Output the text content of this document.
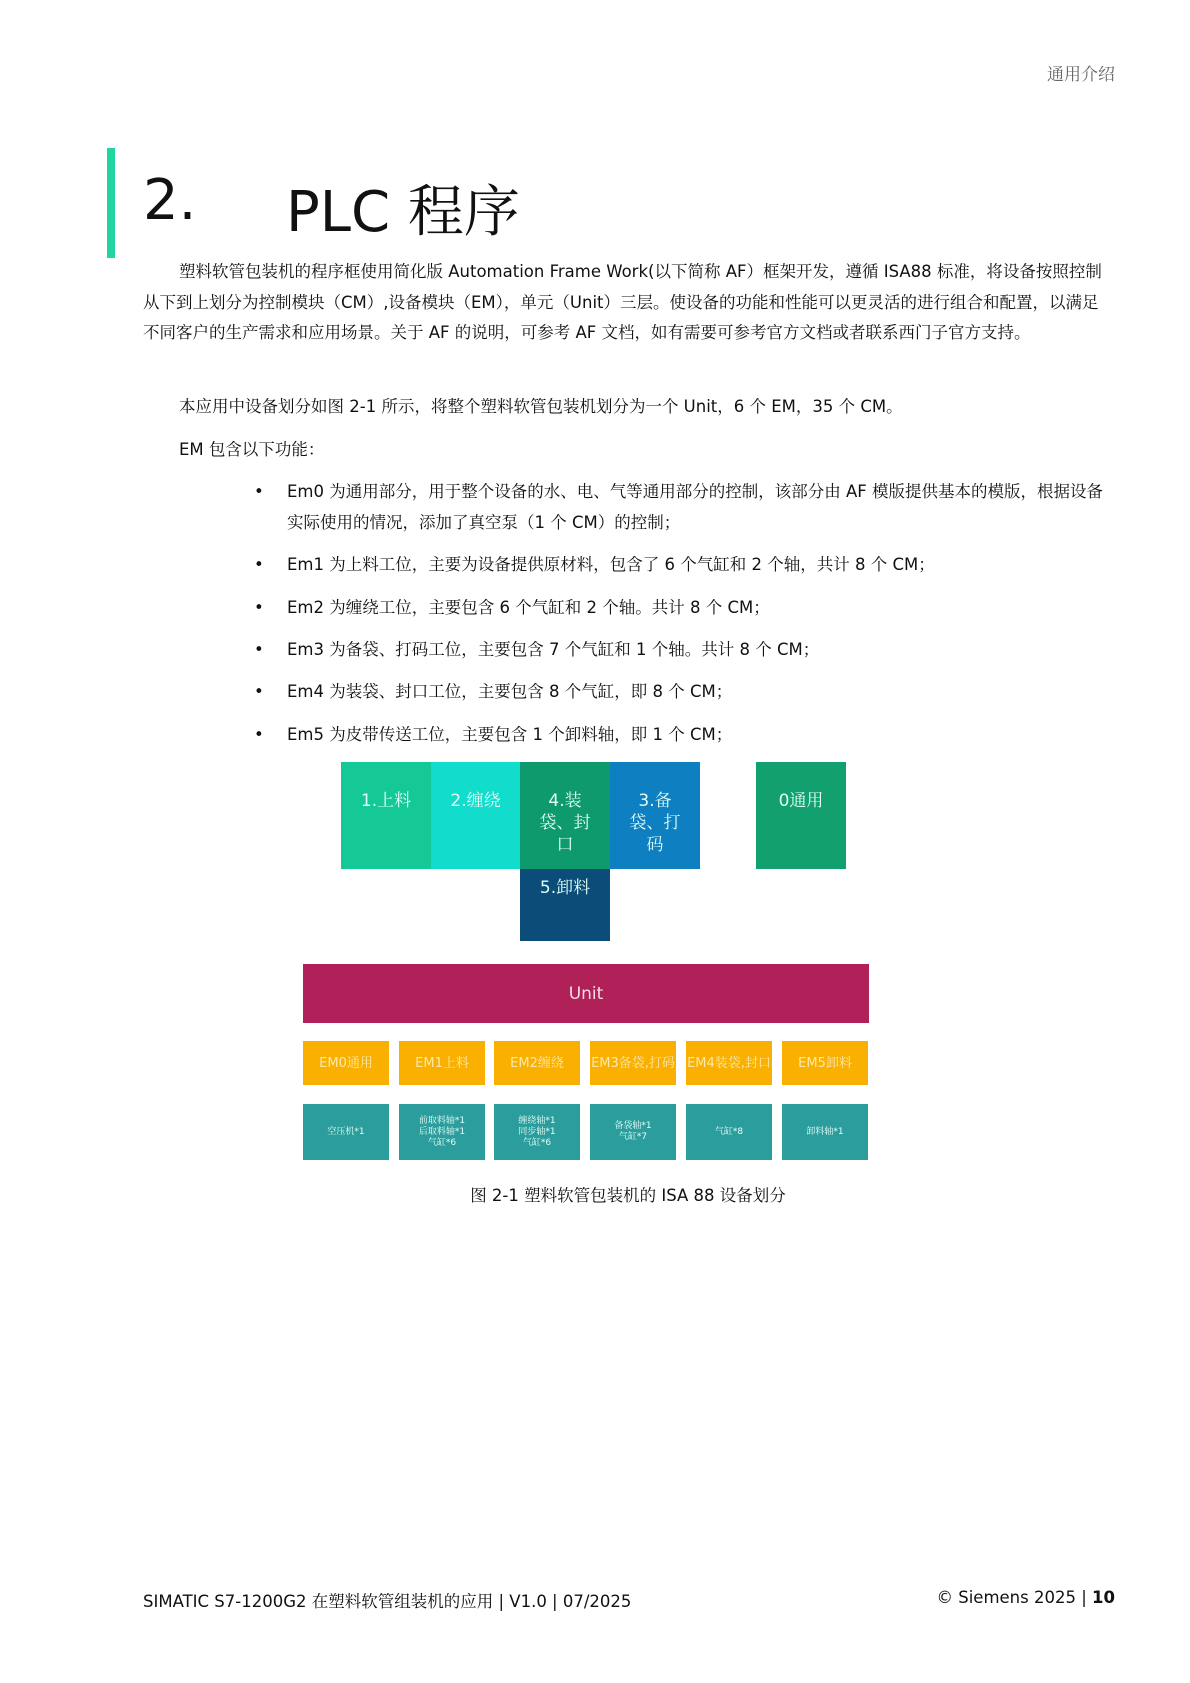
通用介绍
2. PLC 程序
塑料软管包装机的程序框使用简化版 Automation Frame Work(以下简称 AF）框架开发，遵循 ISA88 标准，将设备按照控制从下到上划分为控制模块（CM）,设备模块（EM），单元（Unit）三层。使设备的功能和性能可以更灵活的进行组合和配置，以满足不同客户的生产需求和应用场景。关于 AF 的说明，可参考 AF 文档，如有需要可参考官方文档或者联系西门子官方支持。
本应用中设备划分如图 2-1 所示，将整个塑料软管包装机划分为一个 Unit，6 个 EM，35 个 CM。
EM 包含以下功能：
• Em0 为通用部分，用于整个设备的水、电、气等通用部分的控制，该部分由 AF 模版提供基本的模版，根据设备实际使用的情况，添加了真空泵（1 个 CM）的控制；
• Em1 为上料工位，主要为设备提供原材料，包含了 6 个气缸和 2 个轴，共计 8 个 CM；
• Em2 为缠绕工位，主要包含 6 个气缸和 2 个轴。共计 8 个 CM；
• Em3 为备袋、打码工位，主要包含 7 个气缸和 1 个轴。共计 8 个 CM；
• Em4 为装袋、封口工位，主要包含 8 个气缸，即 8 个 CM；
• Em5 为皮带传送工位，主要包含 1 个卸料轴，即 1 个 CM；
1.上料	2.缠绕	4.装袋、封口
3.备袋、打码
0通用
5.卸料
Unit
EM0通用	EM1上料	EM2缠绕	EM3备袋,打码 EM4装袋,封口	EM5卸料
空压机*1
前取料轴*1
后取料轴*1
气缸*6
缠绕轴*1
同步轴*1
气缸*6
备袋轴*1
气缸*7
气缸*8	卸料轴*1
图 2-1 塑料软管包装机的 ISA 88 设备划分
SIMATIC S7-1200G2 在塑料软管组装机的应用 | V1.0 | 07/2025	© Siemens 2025 | 10
